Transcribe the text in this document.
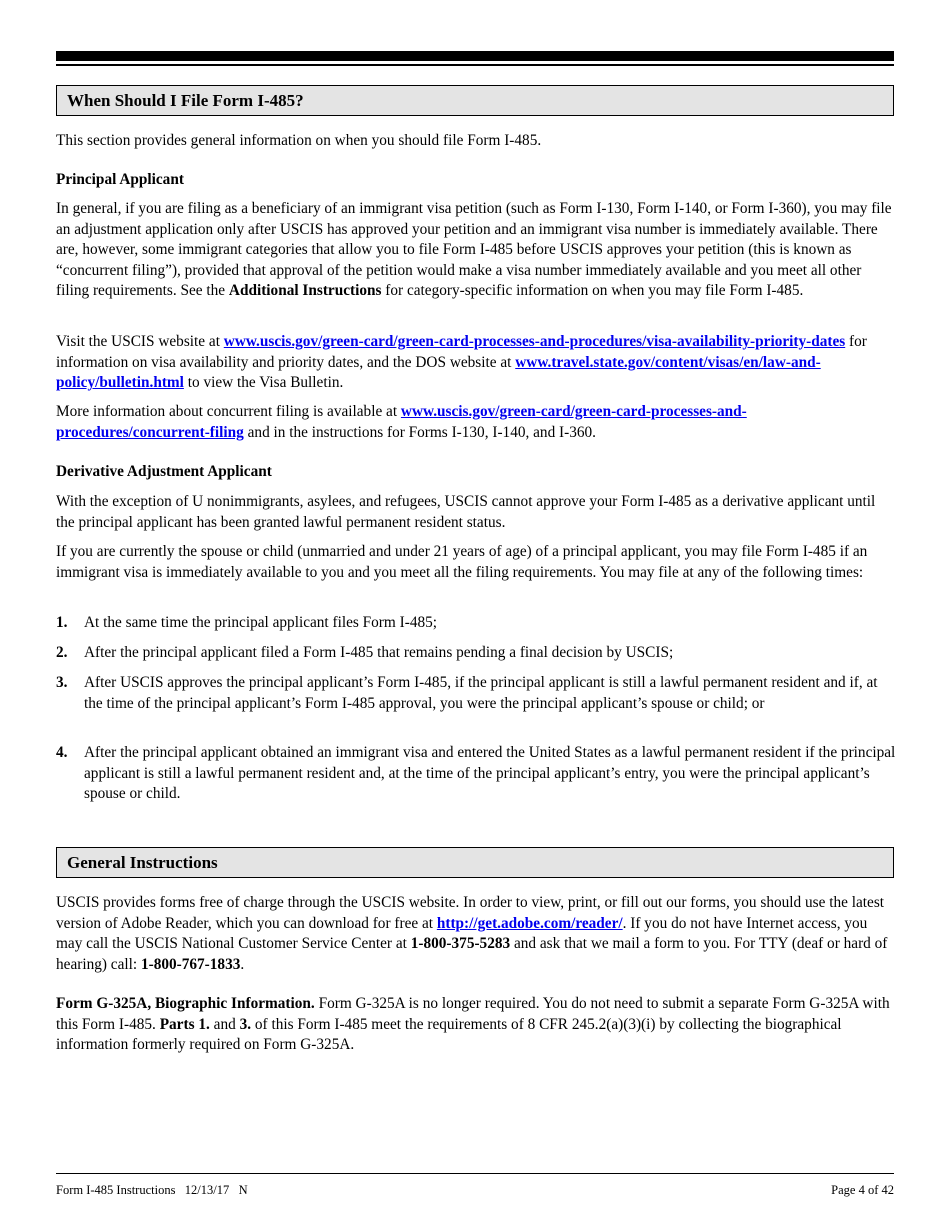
When Should I File Form I-485?
This section provides general information on when you should file Form I-485.
Principal Applicant
In general, if you are filing as a beneficiary of an immigrant visa petition (such as Form I-130, Form I-140, or Form I-360), you may file an adjustment application only after USCIS has approved your petition and an immigrant visa number is immediately available. There are, however, some immigrant categories that allow you to file Form I-485 before USCIS approves your petition (this is known as “concurrent filing”), provided that approval of the petition would make a visa number immediately available and you meet all other filing requirements. See the Additional Instructions for category-specific information on when you may file Form I-485.
Visit the USCIS website at www.uscis.gov/green-card/green-card-processes-and-procedures/visa-availability-priority-dates for information on visa availability and priority dates, and the DOS website at www.travel.state.gov/content/visas/en/law-and-policy/bulletin.html to view the Visa Bulletin.
More information about concurrent filing is available at www.uscis.gov/green-card/green-card-processes-and-procedures/concurrent-filing and in the instructions for Forms I-130, I-140, and I-360.
Derivative Adjustment Applicant
With the exception of U nonimmigrants, asylees, and refugees, USCIS cannot approve your Form I-485 as a derivative applicant until the principal applicant has been granted lawful permanent resident status.
If you are currently the spouse or child (unmarried and under 21 years of age) of a principal applicant, you may file Form I-485 if an immigrant visa is immediately available to you and you meet all the filing requirements. You may file at any of the following times:
1.	At the same time the principal applicant files Form I-485;
2.	After the principal applicant filed a Form I-485 that remains pending a final decision by USCIS;
3.	After USCIS approves the principal applicant’s Form I-485, if the principal applicant is still a lawful permanent resident and if, at the time of the principal applicant’s Form I-485 approval, you were the principal applicant’s spouse or child; or
4.	After the principal applicant obtained an immigrant visa and entered the United States as a lawful permanent resident if the principal applicant is still a lawful permanent resident and, at the time of the principal applicant’s entry, you were the principal applicant’s spouse or child.
General Instructions
USCIS provides forms free of charge through the USCIS website. In order to view, print, or fill out our forms, you should use the latest version of Adobe Reader, which you can download for free at http://get.adobe.com/reader/. If you do not have Internet access, you may call the USCIS National Customer Service Center at 1-800-375-5283 and ask that we mail a form to you. For TTY (deaf or hard of hearing) call: 1-800-767-1833.
Form G-325A, Biographic Information. Form G-325A is no longer required. You do not need to submit a separate Form G-325A with this Form I-485. Parts 1. and 3. of this Form I-485 meet the requirements of 8 CFR 245.2(a)(3)(i) by collecting the biographical information formerly required on Form G-325A.
Form I-485 Instructions   12/13/17   N	Page 4 of 42
